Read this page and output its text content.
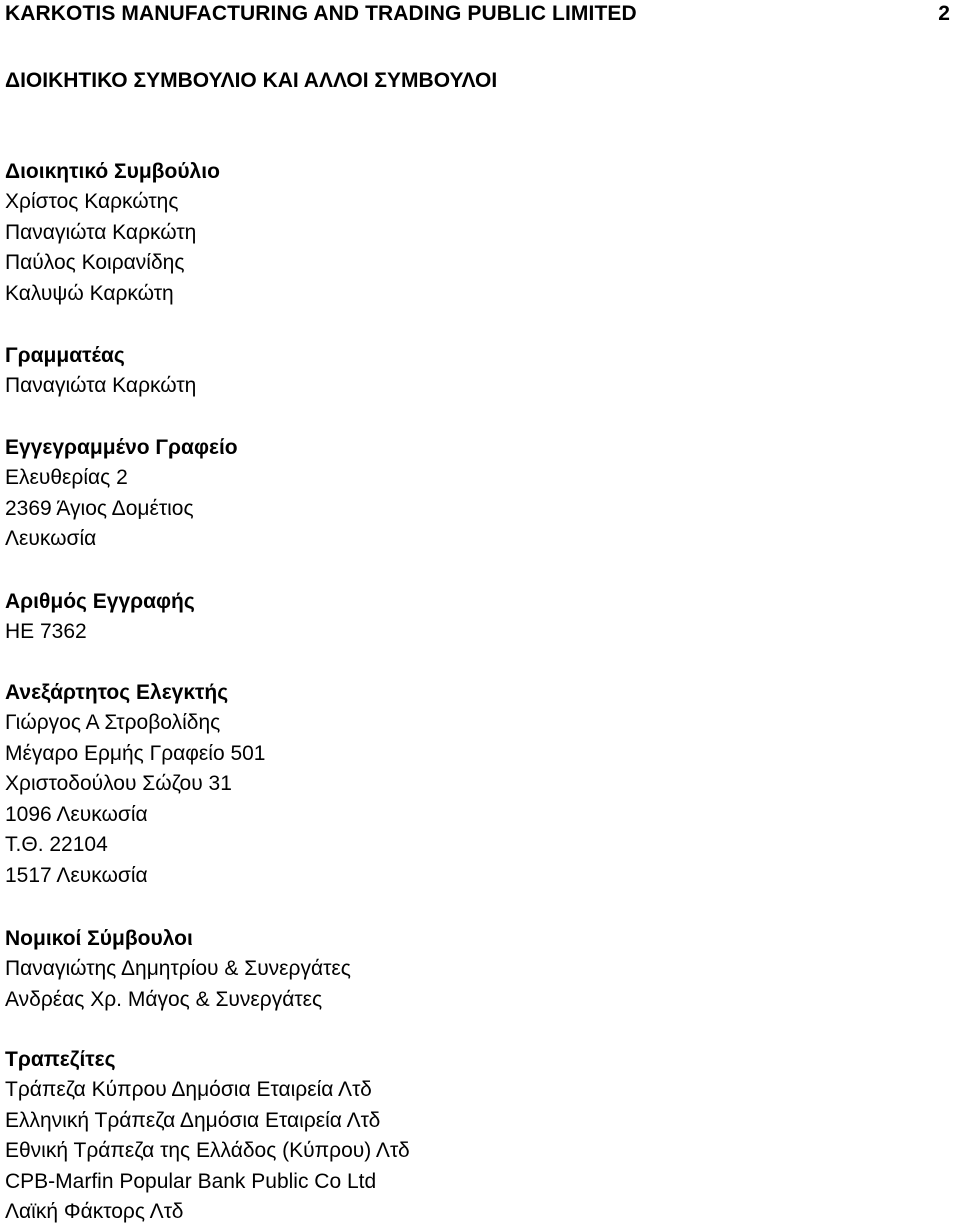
KARKOTIS MANUFACTURING AND TRADING PUBLIC LIMITED	2
ΔΙΟΙΚΗΤΙΚΟ ΣΥΜΒΟΥΛΙΟ ΚΑΙ ΑΛΛΟΙ ΣΥΜΒΟΥΛΟΙ
Διοικητικό Συμβούλιο
Χρίστος Καρκώτης
Παναγιώτα Καρκώτη
Παύλος Κοιρανίδης
Καλυψώ Καρκώτη
Γραμματέας
Παναγιώτα Καρκώτη
Εγγεγραμμένο Γραφείο
Ελευθερίας 2
2369 Άγιος Δομέτιος
Λευκωσία
Αριθμός Εγγραφής
ΗΕ 7362
Ανεξάρτητος Ελεγκτής
Γιώργος Α Στροβολίδης
Μέγαρο Ερμής Γραφείο 501
Χριστοδούλου Σώζου 31
1096 Λευκωσία
Τ.Θ. 22104
1517 Λευκωσία
Νομικοί Σύμβουλοι
Παναγιώτης Δημητρίου & Συνεργάτες
Ανδρέας Χρ. Μάγος & Συνεργάτες
Τραπεζίτες
Τράπεζα Κύπρου Δημόσια Εταιρεία Λτδ
Ελληνική Τράπεζα Δημόσια Εταιρεία Λτδ
Εθνική Τράπεζα της Ελλάδος (Κύπρου) Λτδ
CPB-Marfin Popular Bank Public Co Ltd
Λαϊκή Φάκτορς Λτδ
